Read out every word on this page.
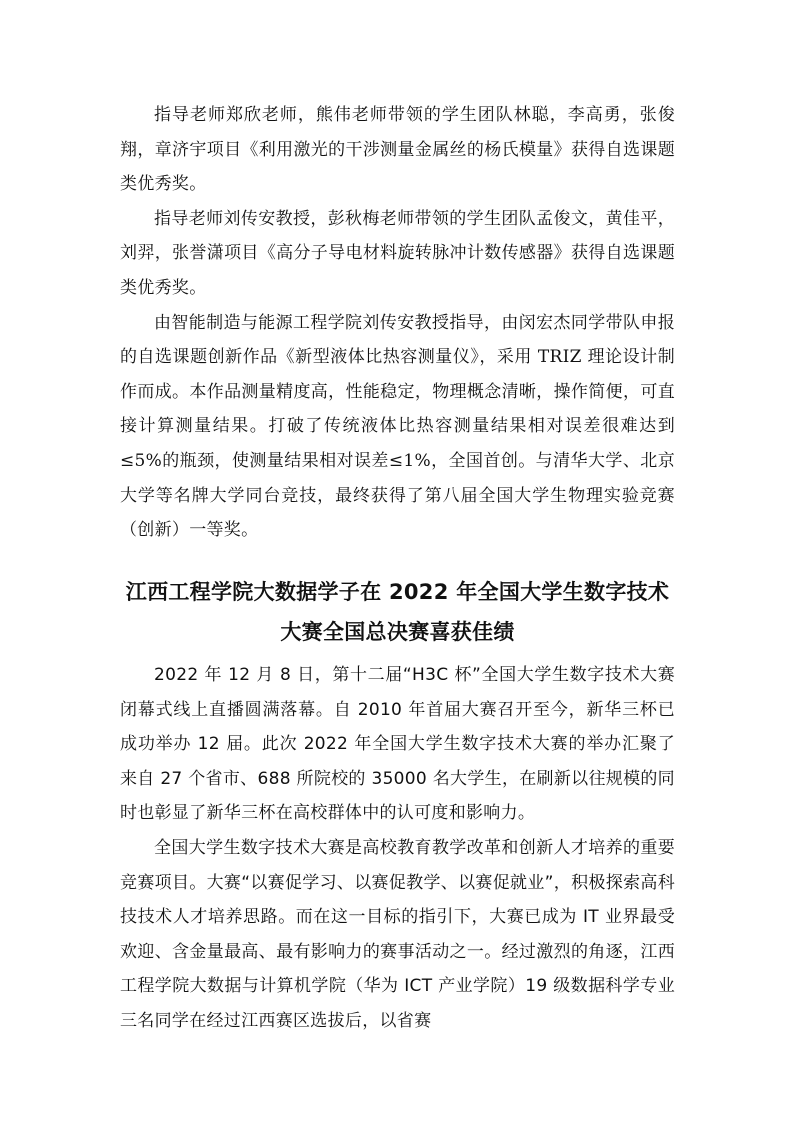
指导老师郑欣老师，熊伟老师带领的学生团队林聪，李高勇，张俊翔，章济宇项目《利用激光的干涉测量金属丝的杨氏模量》获得自选课题类优秀奖。

指导老师刘传安教授，彭秋梅老师带领的学生团队孟俊文，黄佳平，刘羿，张誉潇项目《高分子导电材料旋转脉冲计数传感器》获得自选课题类优秀奖。

由智能制造与能源工程学院刘传安教授指导，由闵宏杰同学带队申报的自选课题创新作品《新型液体比热容测量仪》，采用 TRIZ 理论设计制作而成。本作品测量精度高，性能稳定，物理概念清晰，操作简便，可直接计算测量结果。打破了传统液体比热容测量结果相对误差很难达到≤5%的瓶颈，使测量结果相对误差≤1%，全国首创。与清华大学、北京大学等名牌大学同台竞技，最终获得了第八届全国大学生物理实验竞赛（创新）一等奖。

江西工程学院大数据学子在 2022 年全国大学生数字技术大赛全国总决赛喜获佳绩

2022 年 12 月 8 日，第十二届“H3C 杯”全国大学生数字技术大赛闭幕式线上直播圆满落幕。自 2010 年首届大赛召开至今，新华三杯已成功举办 12 届。此次 2022 年全国大学生数字技术大赛的举办汇聚了来自 27 个省市、688 所院校的 35000 名大学生，在刷新以往规模的同时也彰显了新华三杯在高校群体中的认可度和影响力。

全国大学生数字技术大赛是高校教育教学改革和创新人才培养的重要竞赛项目。大赛“以赛促学习、以赛促教学、以赛促就业”，积极探索高科技技术人才培养思路。而在这一目标的指引下，大赛已成为 IT 业界最受欢迎、含金量最高、最有影响力的赛事活动之一。经过激烈的角逐，江西工程学院大数据与计算机学院（华为 ICT 产业学院）19 级数据科学专业三名同学在经过江西赛区选拔后，以省赛
